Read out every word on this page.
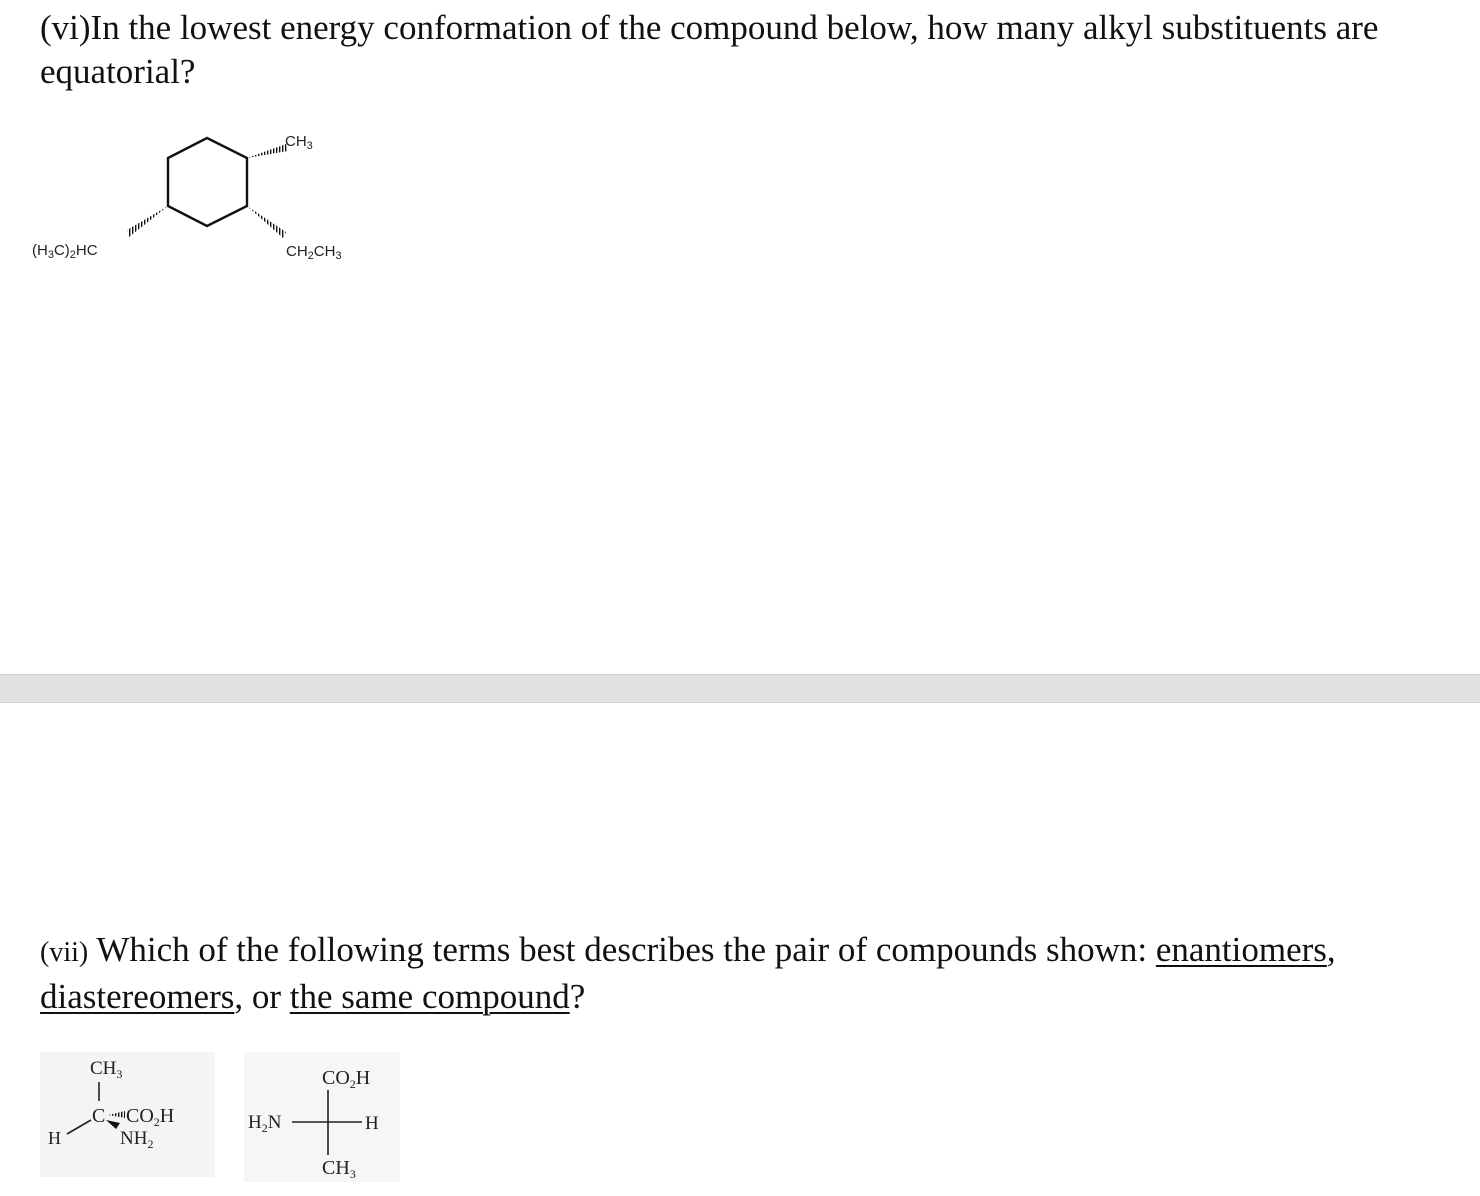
(vi)In the lowest energy conformation of the compound below, how many alkyl substituents are equatorial?
$CH_3$
$CH_2CH_3$
$(H_3C)_2HC$
(vii) Which of the following terms best describes the pair of compounds shown: enantiomers, diastereomers, or the same compound?
$CH_3$
C
H
$CO_2H$
$NH_2$
$CO_2H$
$H_2N$	H
$CH_3$
